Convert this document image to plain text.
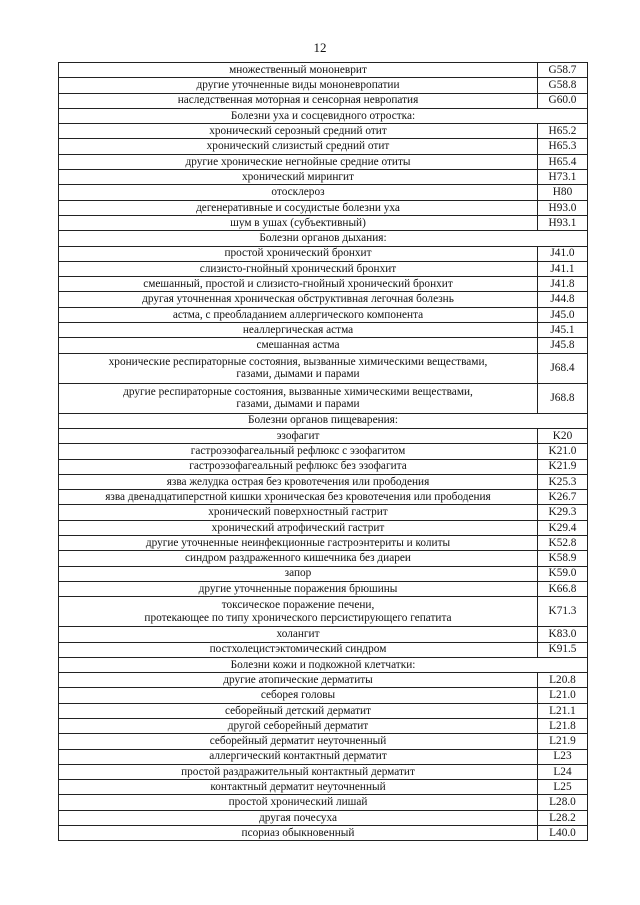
12
множественный мононеврит	G58.7
другие уточненные виды мононевропатии	G58.8
наследственная моторная и сенсорная невропатия	G60.0
Болезни уха и сосцевидного отростка:	
хронический серозный средний отит	H65.2
хронический слизистый средний отит	H65.3
другие хронические негнойные средние отиты	H65.4
хронический мирингит	H73.1
отосклероз	H80
дегенеративные и сосудистые болезни уха	H93.0
шум в ушах (субъективный)	H93.1
Болезни органов дыхания:	
простой хронический бронхит	J41.0
слизисто-гнойный хронический бронхит	J41.1
смешанный, простой и слизисто-гнойный хронический бронхит	J41.8
другая уточненная хроническая обструктивная легочная болезнь	J44.8
астма, с преобладанием аллергического компонента	J45.0
неаллергическая астма	J45.1
смешанная астма	J45.8
хронические респираторные состояния, вызванные химическими веществами,
газами, дымами и парами	J68.4
другие респираторные состояния, вызванные химическими веществами,
газами, дымами и парами	J68.8
Болезни органов пищеварения:	
эзофагит	K20
гастроэзофагеальный рефлюкс с эзофагитом	K21.0
гастроэзофагеальный рефлюкс без эзофагита	K21.9
язва желудка острая без кровотечения или прободения	K25.3
язва двенадцатиперстной кишки хроническая без кровотечения или прободения	K26.7
хронический поверхностный гастрит	K29.3
хронический атрофический гастрит	K29.4
другие уточненные неинфекционные гастроэнтериты и колиты	K52.8
синдром раздраженного кишечника без диареи	K58.9
запор	K59.0
другие уточненные поражения брюшины	K66.8
токсическое поражение печени,
протекающее по типу хронического персистирующего гепатита	K71.3
холангит	K83.0
постхолецистэктомический синдром	K91.5
Болезни кожи и подкожной клетчатки:	
другие атопические дерматиты	L20.8
себорея головы	L21.0
себорейный детский дерматит	L21.1
другой себорейный дерматит	L21.8
себорейный дерматит неуточненный	L21.9
аллергический контактный дерматит	L23
простой раздражительный контактный дерматит	L24
контактный дерматит неуточненный	L25
простой хронический лишай	L28.0
другая почесуха	L28.2
псориаз обыкновенный	L40.0
